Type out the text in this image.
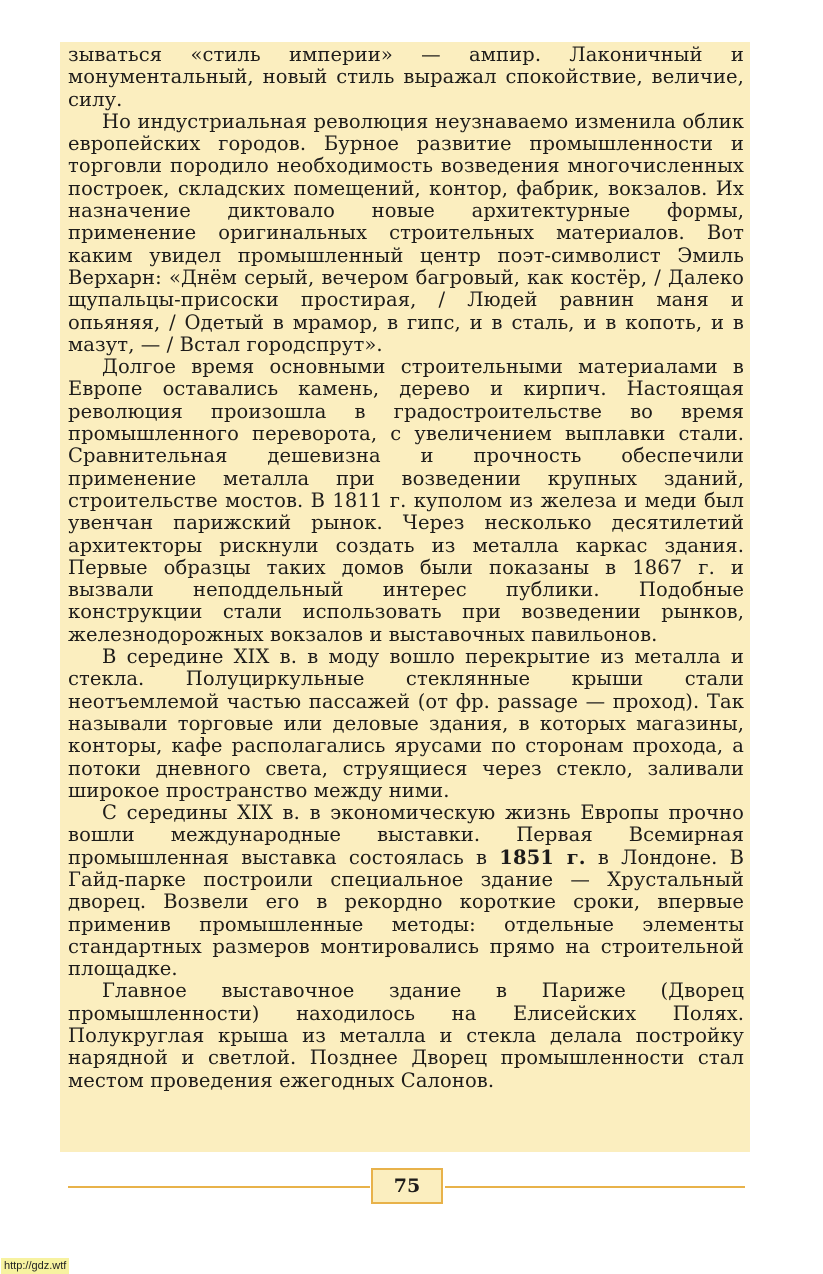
зываться «стиль империи» — ампир. Лаконичный и монументальный, новый стиль выражал спокойствие, величие, силу.

Но индустриальная революция неузнаваемо изменила облик европейских городов. Бурное развитие промышленности и торговли породило необходимость возведения многочисленных построек, складских помещений, контор, фабрик, вокзалов. Их назначение диктовало новые архитектурные формы, применение оригинальных строительных материалов. Вот каким увидел промышленный центр поэт-символист Эмиль Верхарн: «Днём серый, вечером багровый, как костёр, / Далеко щупальцы-присоски простирая, / Людей равнин маня и опьяняя, / Одетый в мрамор, в гипс, и в сталь, и в копоть, и в мазут, — / Встал городспрут».

Долгое время основными строительными материалами в Европе оставались камень, дерево и кирпич. Настоящая революция произошла в градостроительстве во время промышленного переворота, с увеличением выплавки стали. Сравнительная дешевизна и прочность обеспечили применение металла при возведении крупных зданий, строительстве мостов. В 1811 г. куполом из железа и меди был увенчан парижский рынок. Через несколько десятилетий архитекторы рискнули создать из металла каркас здания. Первые образцы таких домов были показаны в 1867 г. и вызвали неподдельный интерес публики. Подобные конструкции стали использовать при возведении рынков, железнодорожных вокзалов и выставочных павильонов.

В середине XIX в. в моду вошло перекрытие из металла и стекла. Полуциркульные стеклянные крыши стали неотъемлемой частью пассажей (от фр. passage — проход). Так называли торговые или деловые здания, в которых магазины, конторы, кафе располагались ярусами по сторонам прохода, а потоки дневного света, струящиеся через стекло, заливали широкое пространство между ними.

С середины XIX в. в экономическую жизнь Европы прочно вошли международные выставки. Первая Всемирная промышленная выставка состоялась в 1851 г. в Лондоне. В Гайд-парке построили специальное здание — Хрустальный дворец. Возвели его в рекордно короткие сроки, впервые применив промышленные методы: отдельные элементы стандартных размеров монтировались прямо на строительной площадке.

Главное выставочное здание в Париже (Дворец промышленности) находилось на Елисейских Полях. Полукруглая крыша из металла и стекла делала постройку нарядной и светлой. Позднее Дворец промышленности стал местом проведения ежегодных Салонов.

75
http://gdz.wtf
